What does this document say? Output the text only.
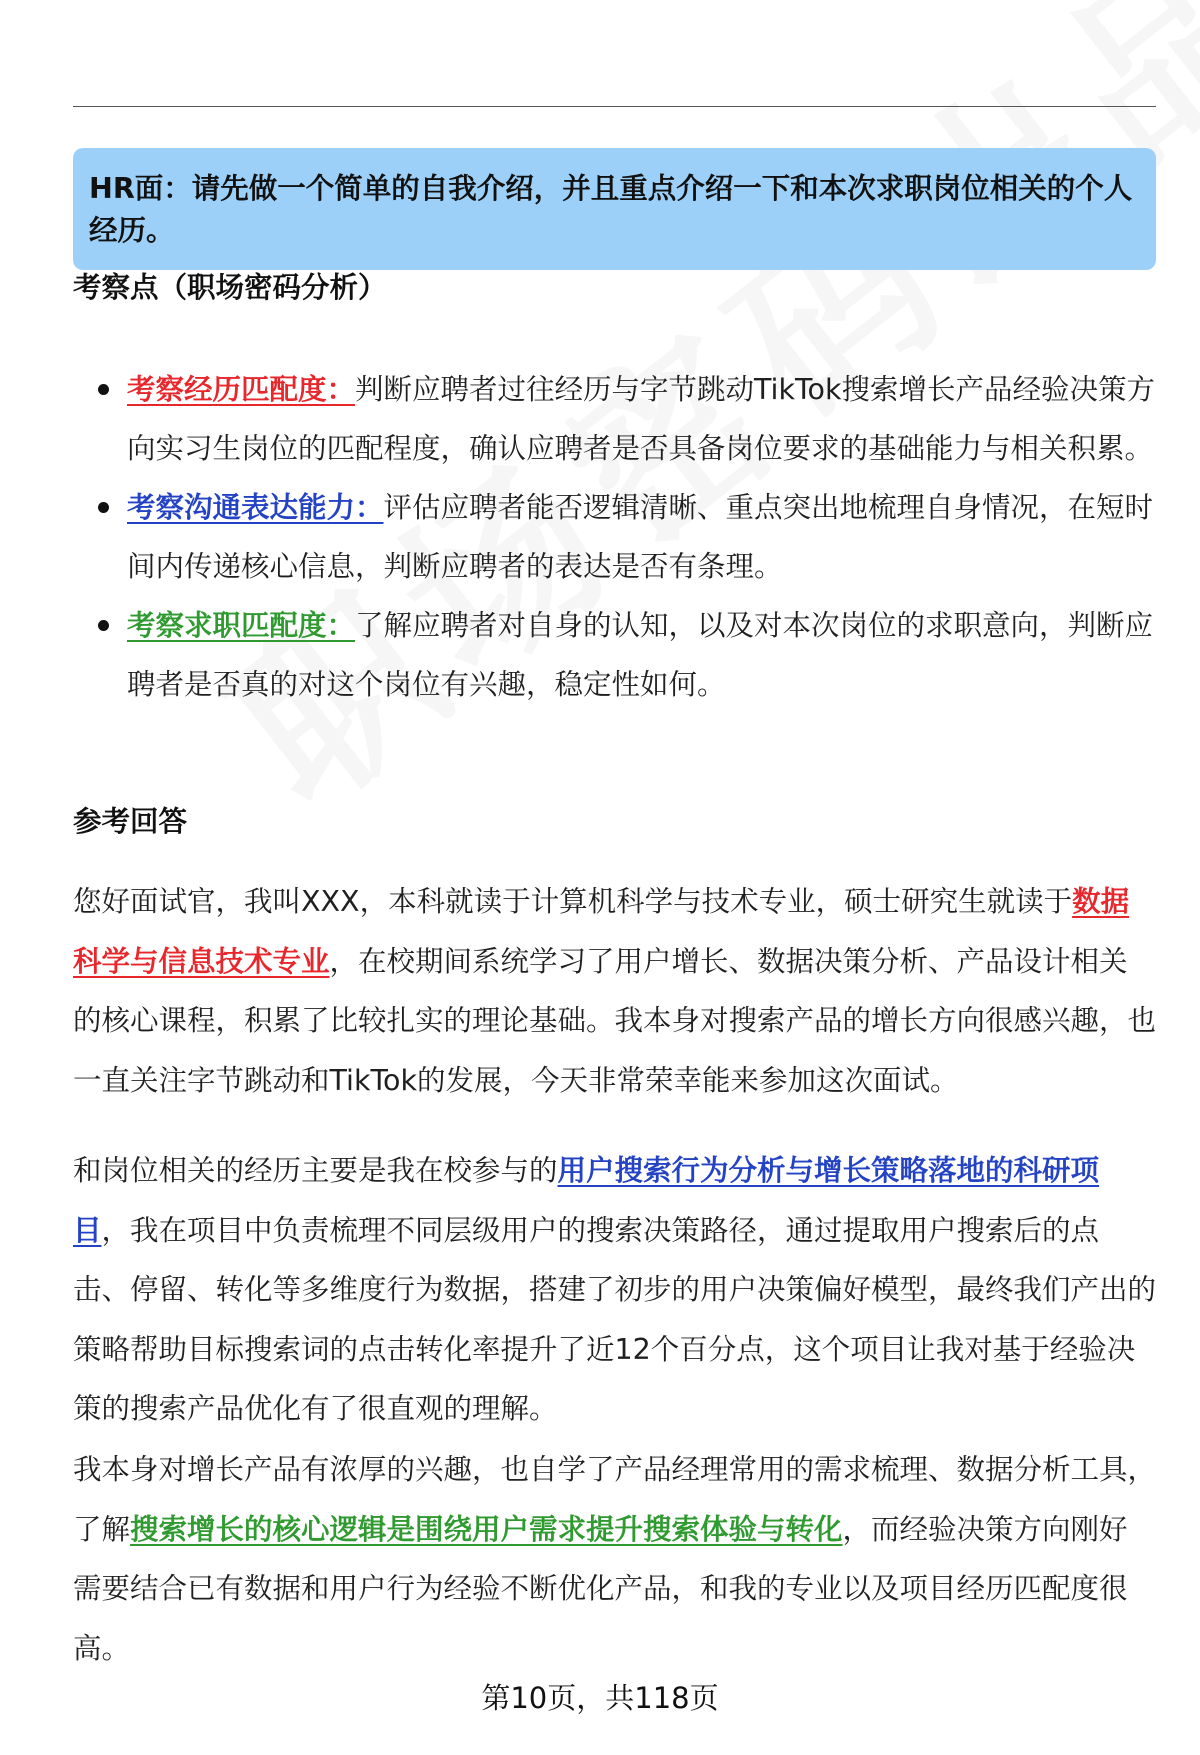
HR面：请先做一个简单的自我介绍，并且重点介绍一下和本次求职岗位相关的个人经历。
考察点（职场密码分析）
考察经历匹配度：判断应聘者过往经历与字节跳动TikTok搜索增长产品经验决策方向实习生岗位的匹配程度，确认应聘者是否具备岗位要求的基础能力与相关积累。
考察沟通表达能力：评估应聘者能否逻辑清晰、重点突出地梳理自身情况，在短时间内传递核心信息，判断应聘者的表达是否有条理。
考察求职匹配度：了解应聘者对自身的认知，以及对本次岗位的求职意向，判断应聘者是否真的对这个岗位有兴趣，稳定性如何。
参考回答

您好面试官，我叫XXX，本科就读于计算机科学与技术专业，硕士研究生就读于数据科学与信息技术专业，在校期间系统学习了用户增长、数据决策分析、产品设计相关的核心课程，积累了比较扎实的理论基础。我本身对搜索产品的增长方向很感兴趣，也一直关注字节跳动和TikTok的发展，今天非常荣幸能来参加这次面试。

和岗位相关的经历主要是我在校参与的用户搜索行为分析与增长策略落地的科研项目，我在项目中负责梳理不同层级用户的搜索决策路径，通过提取用户搜索后的点击、停留、转化等多维度行为数据，搭建了初步的用户决策偏好模型，最终我们产出的策略帮助目标搜索词的点击转化率提升了近12个百分点，这个项目让我对基于经验决策的搜索产品优化有了很直观的理解。

我本身对增长产品有浓厚的兴趣，也自学了产品经理常用的需求梳理、数据分析工具，了解搜索增长的核心逻辑是围绕用户需求提升搜索体验与转化，而经验决策方向刚好需要结合已有数据和用户行为经验不断优化产品，和我的专业以及项目经历匹配度很高。

第10页，共118页
